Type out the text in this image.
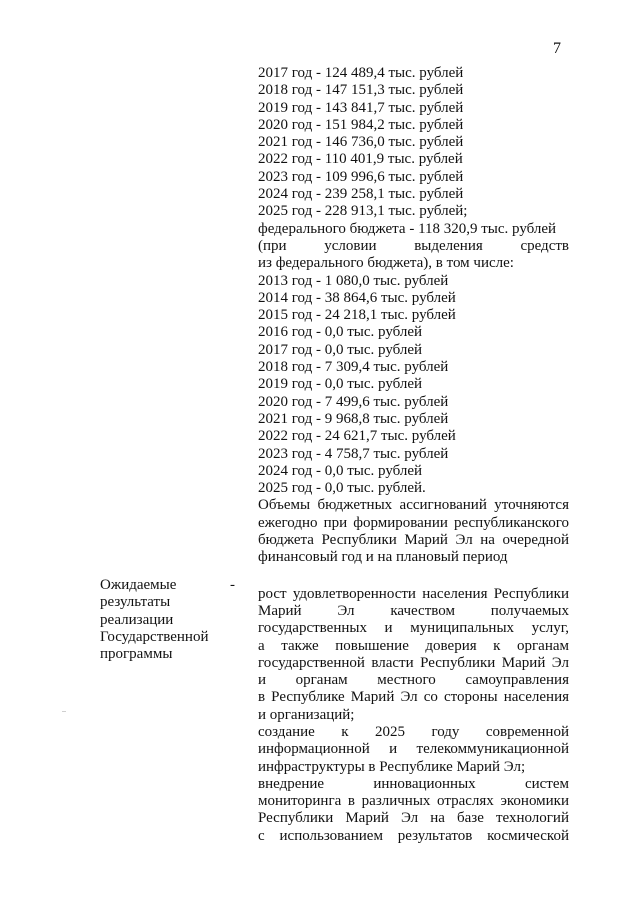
7
2017 год - 124 489,4 тыс. рублей
2018 год - 147 151,3 тыс. рублей
2019 год - 143 841,7 тыс. рублей
2020 год - 151 984,2 тыс. рублей
2021 год - 146 736,0 тыс. рублей
2022 год - 110 401,9 тыс. рублей
2023 год - 109 996,6 тыс. рублей
2024 год - 239 258,1 тыс. рублей
2025 год - 228 913,1 тыс. рублей;
федерального бюджета - 118 320,9 тыс. рублей
(при условии выделения средств
из федерального бюджета), в том числе:
2013 год - 1 080,0 тыс. рублей
2014 год - 38 864,6 тыс. рублей
2015 год - 24 218,1 тыс. рублей
2016 год - 0,0 тыс. рублей
2017 год - 0,0 тыс. рублей
2018 год - 7 309,4 тыс. рублей
2019 год - 0,0 тыс. рублей
2020 год - 7 499,6 тыс. рублей
2021 год - 9 968,8 тыс. рублей
2022 год - 24 621,7 тыс. рублей
2023 год - 4 758,7 тыс. рублей
2024 год - 0,0 тыс. рублей
2025 год - 0,0 тыс. рублей.
Объемы бюджетных ассигнований уточняются
ежегодно при формировании республиканского
бюджета Республики Марий Эл на очередной
финансовый год и на плановый период
рост удовлетворенности населения Республики
Марий Эл качеством получаемых
государственных и муниципальных услуг,
а также повышение доверия к органам
государственной власти Республики Марий Эл
и органам местного самоуправления
в Республике Марий Эл со стороны населения
и организаций;
создание к 2025 году современной
информационной и телекоммуникационной
инфраструктуры в Республике Марий Эл;
внедрение инновационных систем
мониторинга в различных отраслях экономики
Республики Марий Эл на базе технологий
с использованием результатов космической
Ожидаемые
результаты
реализации
Государственной
программы
-
